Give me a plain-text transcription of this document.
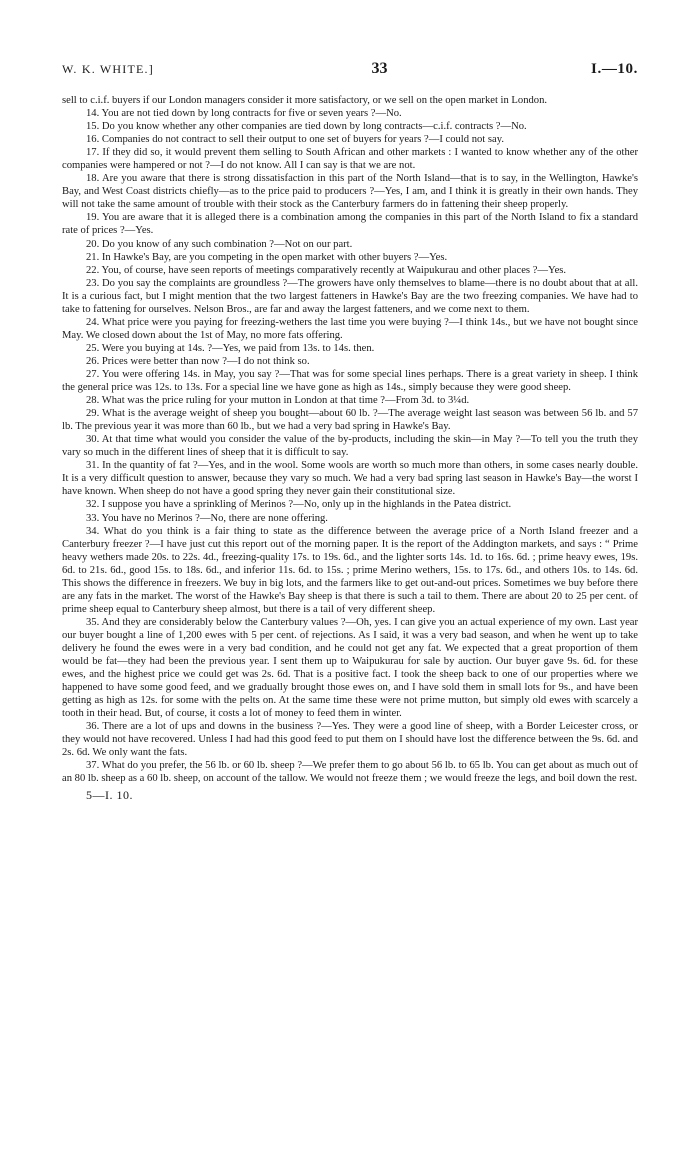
W. K. WHITE.]	33	I.—10.

sell to c.i.f. buyers if our London managers consider it more satisfactory, or we sell on the open market in London.

14. You are not tied down by long contracts for five or seven years ?—No.

15. Do you know whether any other companies are tied down by long contracts—c.i.f. contracts ?—No.

16. Companies do not contract to sell their output to one set of buyers for years ?—I could not say.

17. If they did so, it would prevent them selling to South African and other markets : I wanted to know whether any of the other companies were hampered or not ?—I do not know. All I can say is that we are not.

18. Are you aware that there is strong dissatisfaction in this part of the North Island—that is to say, in the Wellington, Hawke's Bay, and West Coast districts chiefly—as to the price paid to producers ?—Yes, I am, and I think it is greatly in their own hands. They will not take the same amount of trouble with their stock as the Canterbury farmers do in fattening their sheep properly.

19. You are aware that it is alleged there is a combination among the companies in this part of the North Island to fix a standard rate of prices ?—Yes.

20. Do you know of any such combination ?—Not on our part.

21. In Hawke's Bay, are you competing in the open market with other buyers ?—Yes.

22. You, of course, have seen reports of meetings comparatively recently at Waipukurau and other places ?—Yes.

23. Do you say the complaints are groundless ?—The growers have only themselves to blame—there is no doubt about that at all. It is a curious fact, but I might mention that the two largest fatteners in Hawke's Bay are the two freezing companies. We have had to take to fattening for ourselves. Nelson Bros., are far and away the largest fatteners, and we come next to them.

24. What price were you paying for freezing-wethers the last time you were buying ?—I think 14s., but we have not bought since May. We closed down about the 1st of May, no more fats offering.

25. Were you buying at 14s. ?—Yes, we paid from 13s. to 14s. then.

26. Prices were better than now ?—I do not think so.

27. You were offering 14s. in May, you say ?—That was for some special lines perhaps. There is a great variety in sheep. I think the general price was 12s. to 13s. For a special line we have gone as high as 14s., simply because they were good sheep.

28. What was the price ruling for your mutton in London at that time ?—From 3d. to 3¼d.

29. What is the average weight of sheep you bought—about 60 lb. ?—The average weight last season was between 56 lb. and 57 lb. The previous year it was more than 60 lb., but we had a very bad spring in Hawke's Bay.

30. At that time what would you consider the value of the by-products, including the skin—in May ?—To tell you the truth they vary so much in the different lines of sheep that it is difficult to say.

31. In the quantity of fat ?—Yes, and in the wool. Some wools are worth so much more than others, in some cases nearly double. It is a very difficult question to answer, because they vary so much. We had a very bad spring last season in Hawke's Bay—the worst I have known. When sheep do not have a good spring they never gain their constitutional size.

32. I suppose you have a sprinkling of Merinos ?—No, only up in the highlands in the Patea district.

33. You have no Merinos ?—No, there are none offering.

34. What do you think is a fair thing to state as the difference between the average price of a North Island freezer and a Canterbury freezer ?—I have just cut this report out of the morning paper. It is the report of the Addington markets, and says : “ Prime heavy wethers made 20s. to 22s. 4d., freezing-quality 17s. to 19s. 6d., and the lighter sorts 14s. 1d. to 16s. 6d. ; prime heavy ewes, 19s. 6d. to 21s. 6d., good 15s. to 18s. 6d., and inferior 11s. 6d. to 15s. ; prime Merino wethers, 15s. to 17s. 6d., and others 10s. to 14s. 6d. This shows the difference in freezers. We buy in big lots, and the farmers like to get out-and-out prices. Sometimes we buy before there are any fats in the market. The worst of the Hawke's Bay sheep is that there is such a tail to them. There are about 20 to 25 per cent. of prime sheep equal to Canterbury sheep almost, but there is a tail of very different sheep.

35. And they are considerably below the Canterbury values ?—Oh, yes. I can give you an actual experience of my own. Last year our buyer bought a line of 1,200 ewes with 5 per cent. of rejections. As I said, it was a very bad season, and when he went up to take delivery he found the ewes were in a very bad condition, and he could not get any fat. We expected that a great proportion of them would be fat—they had been the previous year. I sent them up to Waipukurau for sale by auction. Our buyer gave 9s. 6d. for these ewes, and the highest price we could get was 2s. 6d. That is a positive fact. I took the sheep back to one of our properties where we happened to have some good feed, and we gradually brought those ewes on, and I have sold them in small lots for 9s., and have been getting as high as 12s. for some with the pelts on. At the same time these were not prime mutton, but simply old ewes with scarcely a tooth in their head. But, of course, it costs a lot of money to feed them in winter.

36. There are a lot of ups and downs in the business ?—Yes. They were a good line of sheep, with a Border Leicester cross, or they would not have recovered. Unless I had had this good feed to put them on I should have lost the difference between the 9s. 6d. and 2s. 6d. We only want the fats.

37. What do you prefer, the 56 lb. or 60 lb. sheep ?—We prefer them to go about 56 lb. to 65 lb. You can get about as much out of an 80 lb. sheep as a 60 lb. sheep, on account of the tallow. We would not freeze them ; we would freeze the legs, and boil down the rest.

5—I. 10.
